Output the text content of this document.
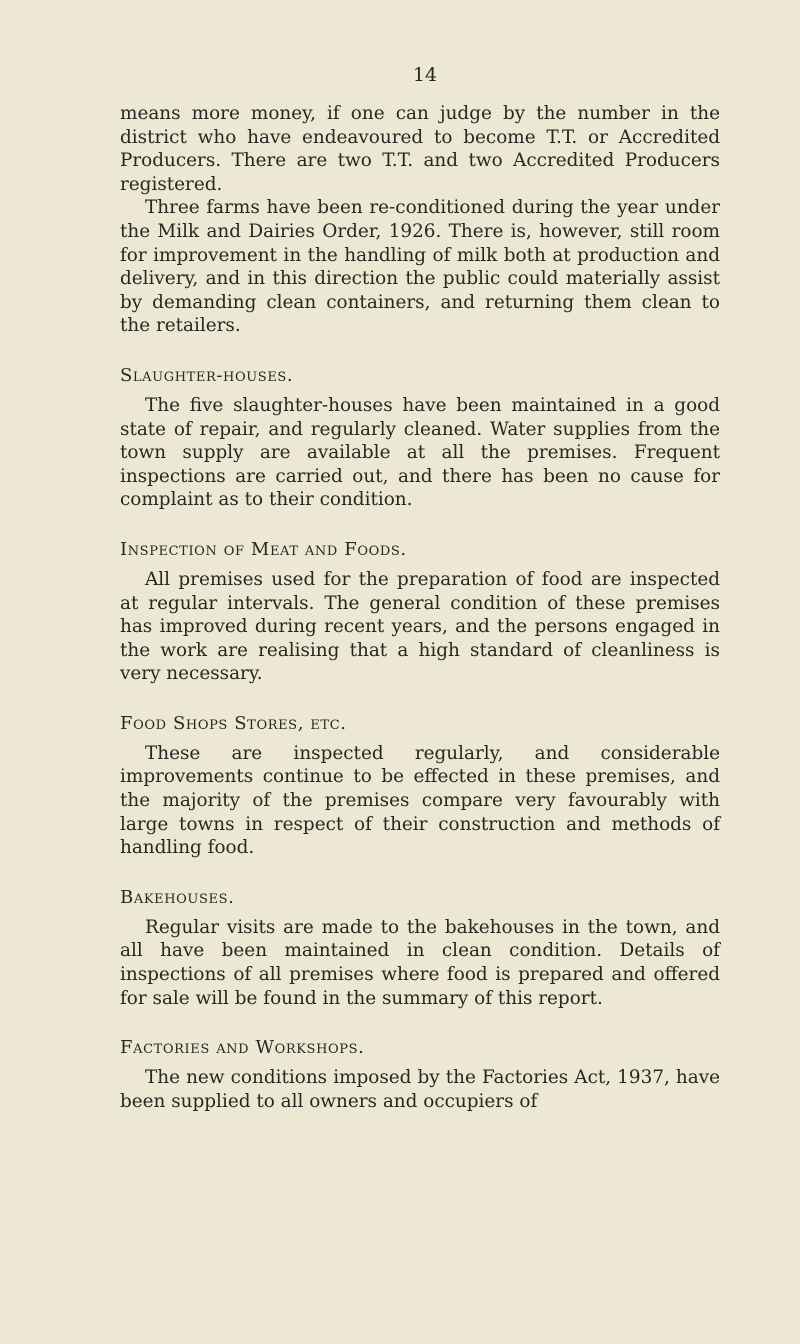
14

means more money, if one can judge by the number in the district who have endeavoured to become T.T. or Accredited Producers. There are two T.T. and two Accredited Producers registered.

Three farms have been re-conditioned during the year under the Milk and Dairies Order, 1926. There is, however, still room for improvement in the handling of milk both at production and delivery, and in this direction the public could materially assist by demanding clean containers, and returning them clean to the retailers.

Slaughter-houses.

The five slaughter-houses have been maintained in a good state of repair, and regularly cleaned. Water supplies from the town supply are available at all the premises. Frequent inspections are carried out, and there has been no cause for complaint as to their condition.

Inspection of Meat and Foods.

All premises used for the preparation of food are inspected at regular intervals. The general condition of these premises has improved during recent years, and the persons engaged in the work are realising that a high standard of cleanliness is very necessary.

Food Shops Stores, etc.

These are inspected regularly, and considerable improvements continue to be effected in these premises, and the majority of the premises compare very favourably with large towns in respect of their construction and methods of handling food.

Bakehouses.

Regular visits are made to the bakehouses in the town, and all have been maintained in clean condition. Details of inspections of all premises where food is prepared and offered for sale will be found in the summary of this report.

Factories and Workshops.

The new conditions imposed by the Factories Act, 1937, have been supplied to all owners and occupiers of
